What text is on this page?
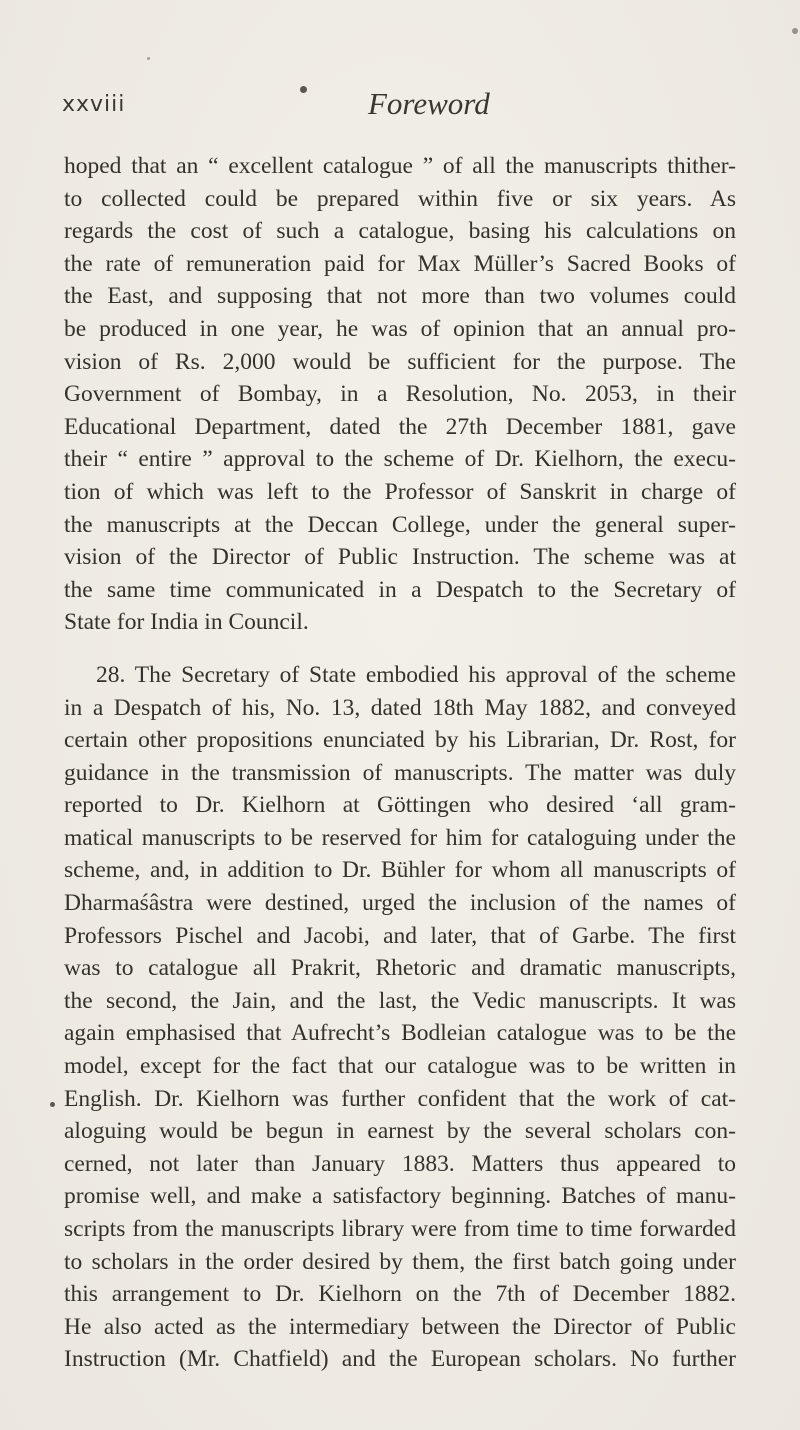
xxviii	Foreword
hoped that an “ excellent catalogue ” of all the manuscripts thither-
to collected could be prepared within five or six years. As
regards the cost of such a catalogue, basing his calculations on
the rate of remuneration paid for Max Müller’s Sacred Books of
the East, and supposing that not more than two volumes could
be produced in one year, he was of opinion that an annual pro-
vision of Rs. 2,000 would be sufficient for the purpose. The
Government of Bombay, in a Resolution, No. 2053, in their
Educational Department, dated the 27th December 1881, gave
their “ entire ” approval to the scheme of Dr. Kielhorn, the execu-
tion of which was left to the Professor of Sanskrit in charge of
the manuscripts at the Deccan College, under the general super-
vision of the Director of Public Instruction. The scheme was at
the same time communicated in a Despatch to the Secretary of
State for India in Council.
28. The Secretary of State embodied his approval of the scheme
in a Despatch of his, No. 13, dated 18th May 1882, and conveyed
certain other propositions enunciated by his Librarian, Dr. Rost, for
guidance in the transmission of manuscripts. The matter was duly
reported to Dr. Kielhorn at Göttingen who desired ‘all gram-
matical manuscripts to be reserved for him for cataloguing under the
scheme, and, in addition to Dr. Bühler for whom all manuscripts of
Dharmaśâstra were destined, urged the inclusion of the names of
Professors Pischel and Jacobi, and later, that of Garbe. The first
was to catalogue all Prakrit, Rhetoric and dramatic manuscripts,
the second, the Jain, and the last, the Vedic manuscripts. It was
again emphasised that Aufrecht’s Bodleian catalogue was to be the
model, except for the fact that our catalogue was to be written in
English. Dr. Kielhorn was further confident that the work of cat-
aloguing would be begun in earnest by the several scholars con-
cerned, not later than January 1883. Matters thus appeared to
promise well, and make a satisfactory beginning. Batches of manu-
scripts from the manuscripts library were from time to time forwarded
to scholars in the order desired by them, the first batch going under
this arrangement to Dr. Kielhorn on the 7th of December 1882.
He also acted as the intermediary between the Director of Public
Instruction (Mr. Chatfield) and the European scholars. No further
